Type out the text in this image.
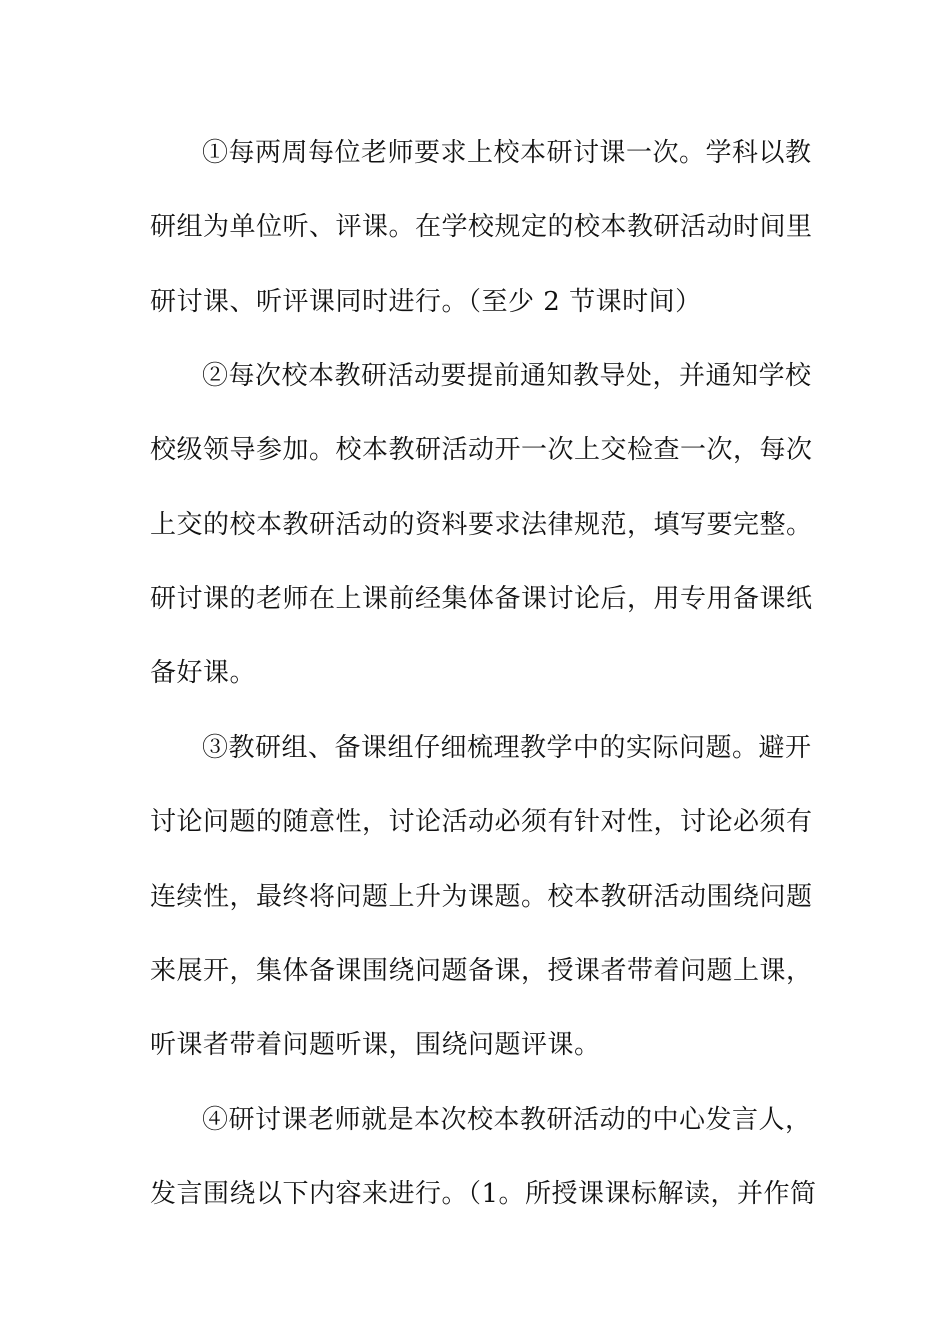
①每两周每位老师要求上校本研讨课一次。学科以教
研组为单位听、评课。在学校规定的校本教研活动时间里
研讨课、听评课同时进行。（至少 2 节课时间）
②每次校本教研活动要提前通知教导处，并通知学校
校级领导参加。校本教研活动开一次上交检查一次，每次
上交的校本教研活动的资料要求法律规范，填写要完整。
研讨课的老师在上课前经集体备课讨论后，用专用备课纸
备好课。
③教研组、备课组仔细梳理教学中的实际问题。避开
讨论问题的随意性，讨论活动必须有针对性，讨论必须有
连续性，最终将问题上升为课题。校本教研活动围绕问题
来展开，集体备课围绕问题备课，授课者带着问题上课，
听课者带着问题听课，围绕问题评课。
④研讨课老师就是本次校本教研活动的中心发言人，
发言围绕以下内容来进行。（1。所授课课标解读，并作简
